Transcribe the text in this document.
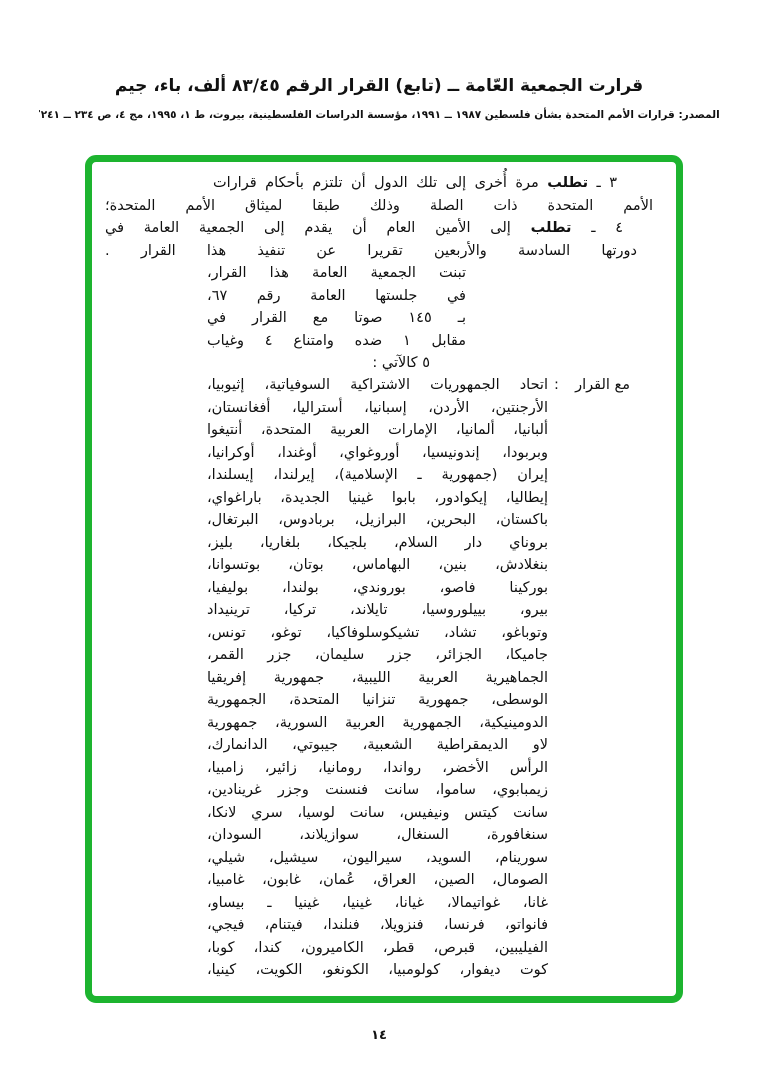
قرارت الجمعية العّامة ــ (تابع) القرار الرقم ٨٣/٤٥ ألف، باء، جيم
المصدر: قرارات الأمم المتحدة بشأن فلسطين ١٩٨٧ ــ ١٩٩١، مؤسسة الدراسات الفلسطينية، بيروت، ط ١، ١٩٩٥، مج ٤، ص ٢٣٤ ــ ٢٤١'
٣ ـ تطلب مرة أُخرى إلى تلك الدول أن تلتزم بأحكام قرارات
الأمم المتحدة ذات الصلة وذلك طبقا لميثاق الأمم المتحدة؛
٤ ـ تطلب إلى الأمين العام أن يقدم إلى الجمعية العامة في
دورتها السادسة والأربعين تقريرا عن تنفيذ هذا القرار .
تبنت الجمعية العامة هذا القرار،
في جلستها العامة رقم ٦٧،
بـ ١٤٥ صوتا مع القرار في
مقابل ١ ضده وامتناع ٤ وغياب
٥ كالآتي :
مع القرار
:
اتحاد الجمهوريات الاشتراكية السوفياتية، إثيوبيا،
الأرجنتين، الأردن، إسبانيا، أستراليا، أفغانستان،
ألبانيا، ألمانيا، الإمارات العربية المتحدة، أنتيغوا
وبربودا، إندونيسيا، أوروغواي، أوغندا، أوكرانيا،
إيران (جمهورية ـ الإسلامية)، إيرلندا، إيسلندا،
إيطاليا، إيكوادور، بابوا غينيا الجديدة، باراغواي،
باكستان، البحرين، البرازيل، بربادوس، البرتغال،
بروناي دار السلام، بلجيكا، بلغاريا، بليز،
بنغلادش، بنين، البهاماس، بوتان، بوتسوانا،
بوركينا فاصو، بوروندي، بولندا، بوليفيا،
بيرو، بييلوروسيا، تايلاند، تركيا، ترينيداد
وتوباغو، تشاد، تشيكوسلوفاكيا، توغو، تونس،
جاميكا، الجزائر، جزر سليمان، جزر القمر،
الجماهيرية العربية الليبية، جمهورية إفريقيا
الوسطى، جمهورية تنزانيا المتحدة، الجمهورية
الدومينيكية، الجمهورية العربية السورية، جمهورية
لاو الديمقراطية الشعبية، جيبوتي، الدانمارك،
الرأس الأخضر، رواندا، رومانيا، زائير، زامبيا،
زيمبابوي، ساموا، سانت فنسنت وجزر غرينادين،
سانت كيتس ونيفيس، سانت لوسيا، سري لانكا،
سنغافورة، السنغال، سوازيلاند، السودان،
سورينام، السويد، سيراليون، سيشيل، شيلي،
الصومال، الصين، العراق، عُمان، غابون، غامبيا،
غانا، غواتيمالا، غيانا، غينيا، غينيا ـ بيساو،
فانواتو، فرنسا، فنزويلا، فنلندا، فيتنام، فيجي،
الفيليبين، قبرص، قطر، الكاميرون، كندا، كوبا،
كوت ديفوار، كولومبيا، الكونغو، الكويت، كينيا،
١٤
